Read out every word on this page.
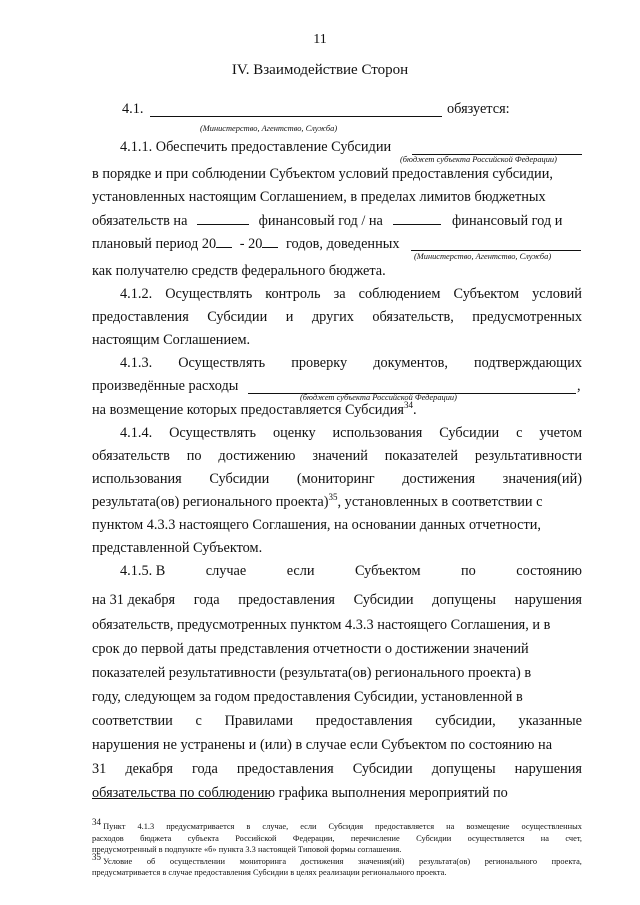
11
IV. Взаимодействие Сторон
4.1.	обязуется:
(Министерство, Агентство, Служба)
4.1.1. Обеспечить предоставление Субсидии
(бюджет субъекта Российской Федерации)
в порядке и при соблюдении Субъектом условий предоставления субсидии,
установленных настоящим Соглашением, в пределах лимитов бюджетных
обязательств на	финансовый год / на	финансовый год и
плановый период 20 - 20 годов, доведенных
(Министерство, Агентство, Служба)
как получателю средств федерального бюджета.
4.1.2. Осуществлять контроль за соблюдением Субъектом условий
предоставления Субсидии и других обязательств, предусмотренных
настоящим Соглашением.
4.1.3. Осуществлять проверку документов, подтверждающих
произведённые расходы	,
(бюджет субъекта Российской Федерации)
на возмещение которых предоставляется Субсидия$^{34}$.
4.1.4. Осуществлять оценку использования Субсидии с учетом
обязательств по достижению значений показателей результативности
использования Субсидии (мониторинг достижения значения(ий)
результата(ов) регионального проекта)$^{35}$, установленных в соответствии с
пунктом 4.3.3 настоящего Соглашения, на основании данных отчетности,
представленной Субъектом.
4.1.5. В	случае	если	Субъектом	по	состоянию
на 31 декабря года предоставления Субсидии допущены нарушения
обязательств, предусмотренных пунктом 4.3.3 настоящего Соглашения, и в
срок до первой даты представления отчетности о достижении значений
показателей результативности (результата(ов) регионального проекта) в
году, следующем за годом предоставления Субсидии, установленной в
соответствии с Правилами предоставления субсидии, указанные
нарушения не устранены и (или) в случае если Субъектом по состоянию на
31 декабря года предоставления Субсидии допущены нарушения
обязательства по соблюдению графика выполнения мероприятий по
$^{34}$ Пункт 4.1.3 предусматривается в случае, если Субсидия предоставляется на возмещение осуществленных
расходов бюджета субъекта Российской Федерации, перечисление Субсидии осуществляется на счет,
предусмотренный в подпункте «б» пункта 3.3 настоящей Типовой формы соглашения.
$^{35}$ Условие об осуществлении мониторинга достижения значения(ий) результата(ов) регионального проекта,
предусматривается в случае предоставления Субсидии в целях реализации регионального проекта.
